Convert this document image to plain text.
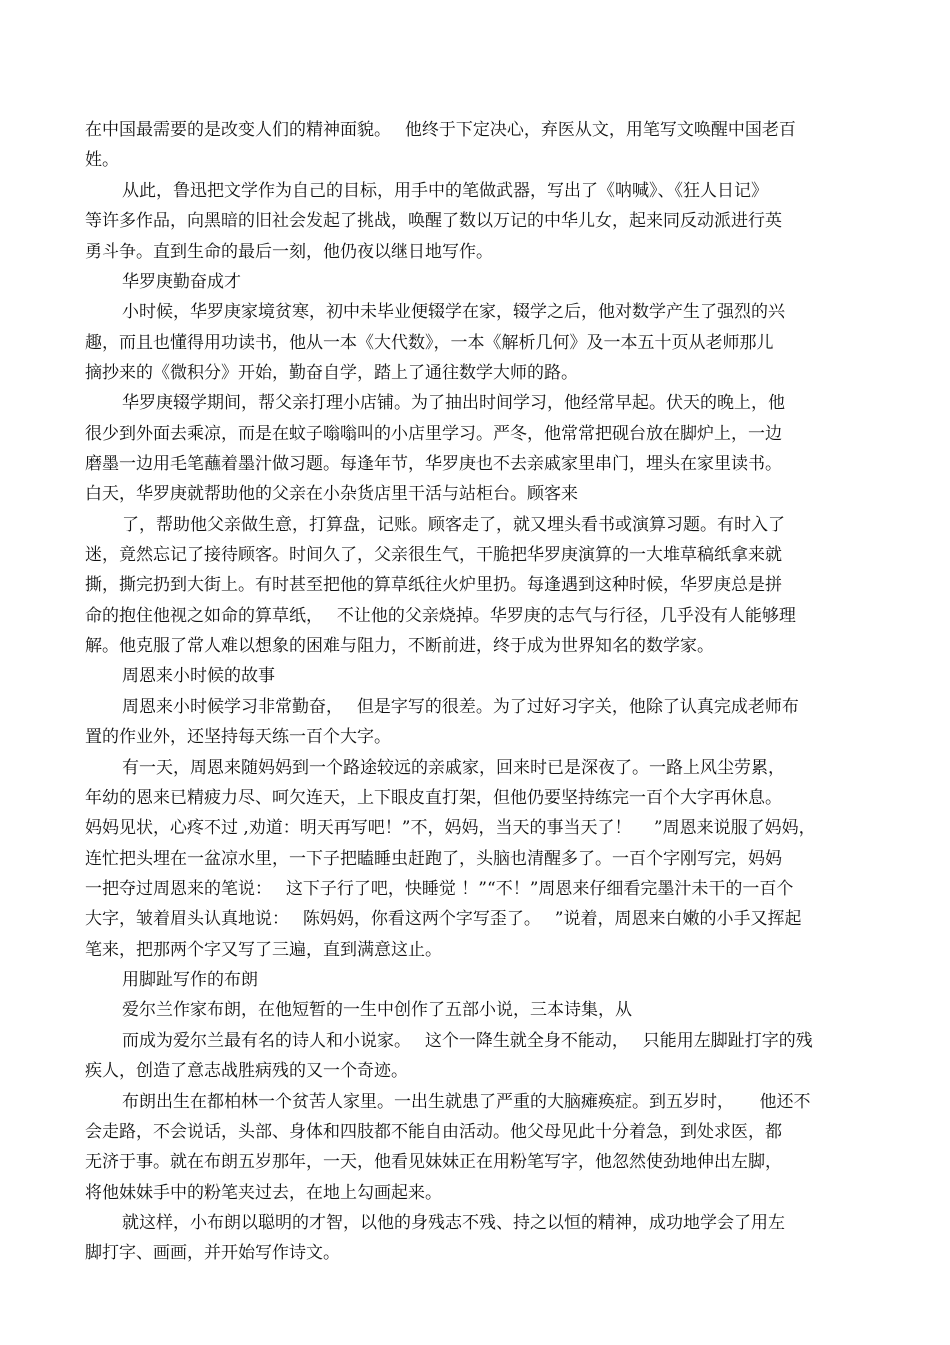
在中国最需要的是改变人们的精神面貌。　 他终于下定决心，弃医从文，用笔写文唤醒中国老百
姓。
从此，鲁迅把文学作为自己的目标，用手中的笔做武器，写出了《呐喊》、《狂人日记》
等许多作品，向黑暗的旧社会发起了挑战，唤醒了数以万记的中华儿女，起来同反动派进行英
勇斗争。直到生命的最后一刻，他仍夜以继日地写作。
华罗庚勤奋成才
小时候，华罗庚家境贫寒，初中未毕业便辍学在家，辍学之后，他对数学产生了强烈的兴
趣，而且也懂得用功读书，他从一本《大代数》，一本《解析几何》及一本五十页从老师那儿
摘抄来的《微积分》开始，勤奋自学，踏上了通往数学大师的路。
华罗庚辍学期间，帮父亲打理小店铺。为了抽出时间学习，他经常早起。伏天的晚上，他
很少到外面去乘凉，而是在蚊子嗡嗡叫的小店里学习。严冬，他常常把砚台放在脚炉上，一边
磨墨一边用毛笔蘸着墨汁做习题。每逢年节，华罗庚也不去亲戚家里串门，埋头在家里读书。
白天，华罗庚就帮助他的父亲在小杂货店里干活与站柜台。顾客来
了，帮助他父亲做生意，打算盘，记账。顾客走了，就又埋头看书或演算习题。有时入了
迷，竟然忘记了接待顾客。时间久了，父亲很生气，干脆把华罗庚演算的一大堆草稿纸拿来就
撕，撕完扔到大街上。有时甚至把他的算草纸往火炉里扔。每逢遇到这种时候，华罗庚总是拼
命的抱住他视之如命的算草纸，　 不让他的父亲烧掉。华罗庚的志气与行径，几乎没有人能够理
解。他克服了常人难以想象的困难与阻力，不断前进，终于成为世界知名的数学家。
周恩来小时候的故事
周恩来小时候学习非常勤奋，　 但是字写的很差。为了过好习字关，他除了认真完成老师布
置的作业外，还坚持每天练一百个大字。
有一天，周恩来随妈妈到一个路途较远的亲戚家，回来时已是深夜了。一路上风尘劳累，
年幼的恩来已精疲力尽、呵欠连天，上下眼皮直打架，但他仍要坚持练完一百个大字再休息。
妈妈见状，心疼不过 ,劝道：明天再写吧！”不，妈妈，当天的事当天了！　 ”周恩来说服了妈妈，
连忙把头埋在一盆凉水里，一下子把瞌睡虫赶跑了，头脑也清醒多了。一百个字刚写完，妈妈
一把夺过周恩来的笔说：　 这下子行了吧，快睡觉 ！”“不！”周恩来仔细看完墨汁未干的一百个
大字，皱着眉头认真地说：　 陈妈妈，你看这两个字写歪了。　 ”说着，周恩来白嫩的小手又挥起
笔来，把那两个字又写了三遍，直到满意这止。
用脚趾写作的布朗
爱尔兰作家布朗，在他短暂的一生中创作了五部小说，三本诗集，从
而成为爱尔兰最有名的诗人和小说家。　 这个一降生就全身不能动，　 只能用左脚趾打字的残
疾人，创造了意志战胜病残的又一个奇迹。
布朗出生在都柏林一个贫苦人家里。一出生就患了严重的大脑瘫痪症。到五岁时，　　他还不
会走路，不会说话，头部、身体和四肢都不能自由活动。他父母见此十分着急，到处求医，都
无济于事。就在布朗五岁那年，一天，他看见妹妹正在用粉笔写字，他忽然使劲地伸出左脚，
将他妹妹手中的粉笔夹过去，在地上勾画起来。
就这样，小布朗以聪明的才智，以他的身残志不残、持之以恒的精神，成功地学会了用左
脚打字、画画，并开始写作诗文。
